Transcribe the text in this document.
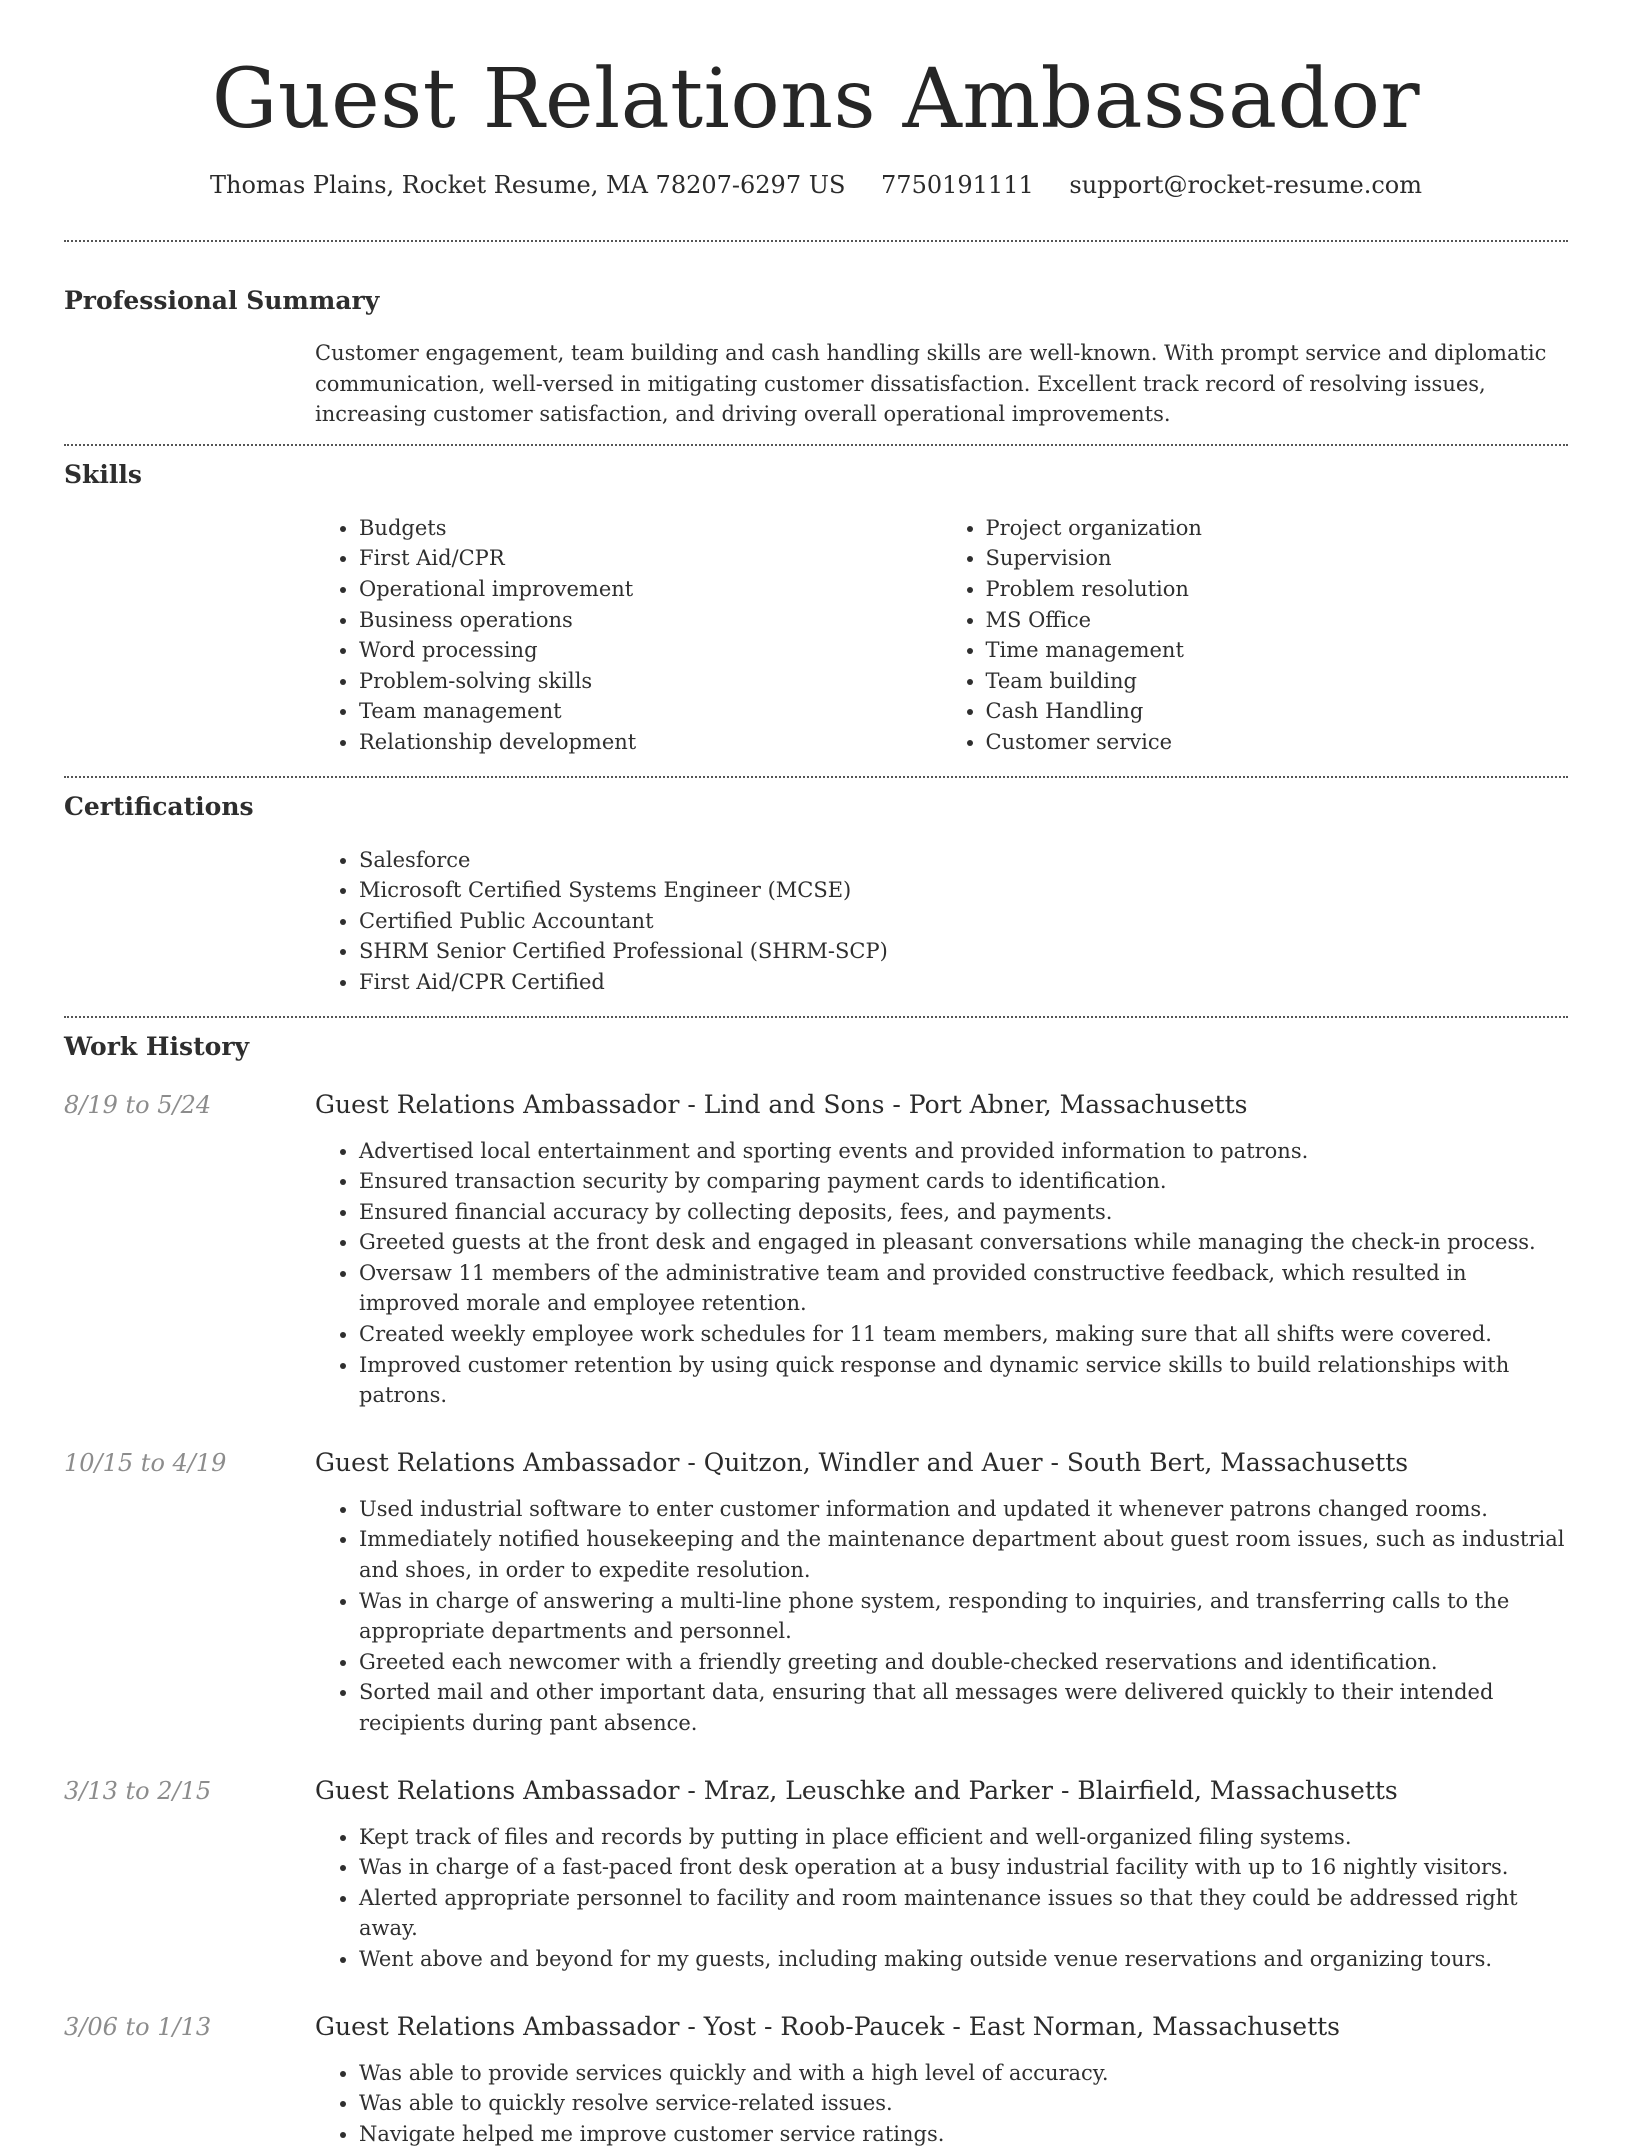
Guest Relations Ambassador
Thomas Plains, Rocket Resume, MA 78207-6297 US 7750191111 support@rocket-resume.com
Professional Summary
Customer engagement, team building and cash handling skills are well-known. With prompt service and diplomatic communication, well-versed in mitigating customer dissatisfaction. Excellent track record of resolving issues, increasing customer satisfaction, and driving overall operational improvements.
Skills
• Budgets
• First Aid/CPR
• Operational improvement
• Business operations
• Word processing
• Problem-solving skills
• Team management
• Relationship development
• Project organization
• Supervision
• Problem resolution
• MS Office
• Time management
• Team building
• Cash Handling
• Customer service
Certifications
• Salesforce
• Microsoft Certified Systems Engineer (MCSE)
• Certified Public Accountant
• SHRM Senior Certified Professional (SHRM-SCP)
• First Aid/CPR Certified
Work History
8/19 to 5/24	Guest Relations Ambassador - Lind and Sons - Port Abner, Massachusetts
• Advertised local entertainment and sporting events and provided information to patrons.
• Ensured transaction security by comparing payment cards to identification.
• Ensured financial accuracy by collecting deposits, fees, and payments.
• Greeted guests at the front desk and engaged in pleasant conversations while managing the check-in process.
• Oversaw 11 members of the administrative team and provided constructive feedback, which resulted in improved morale and employee retention.
• Created weekly employee work schedules for 11 team members, making sure that all shifts were covered.
• Improved customer retention by using quick response and dynamic service skills to build relationships with patrons.
10/15 to 4/19	Guest Relations Ambassador - Quitzon, Windler and Auer - South Bert, Massachusetts
• Used industrial software to enter customer information and updated it whenever patrons changed rooms.
• Immediately notified housekeeping and the maintenance department about guest room issues, such as industrial and shoes, in order to expedite resolution.
• Was in charge of answering a multi-line phone system, responding to inquiries, and transferring calls to the appropriate departments and personnel.
• Greeted each newcomer with a friendly greeting and double-checked reservations and identification.
• Sorted mail and other important data, ensuring that all messages were delivered quickly to their intended recipients during pant absence.
3/13 to 2/15	Guest Relations Ambassador - Mraz, Leuschke and Parker - Blairfield, Massachusetts
• Kept track of files and records by putting in place efficient and well-organized filing systems.
• Was in charge of a fast-paced front desk operation at a busy industrial facility with up to 16 nightly visitors.
• Alerted appropriate personnel to facility and room maintenance issues so that they could be addressed right away.
• Went above and beyond for my guests, including making outside venue reservations and organizing tours.
3/06 to 1/13	Guest Relations Ambassador - Yost - Roob-Paucek - East Norman, Massachusetts
• Was able to provide services quickly and with a high level of accuracy.
• Was able to quickly resolve service-related issues.
• Navigate helped me improve customer service ratings.
